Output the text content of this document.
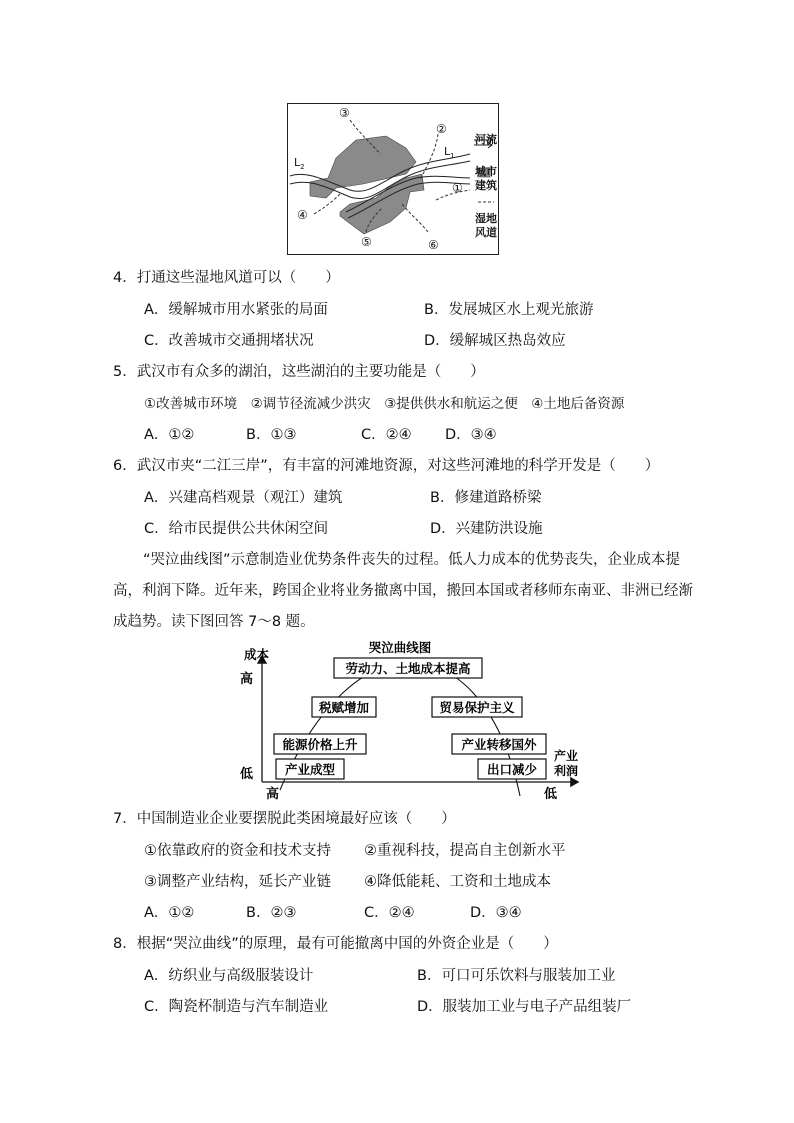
③
②
①
④
⑤	⑥
$L_2$
$L_1$
河流
城市
建筑
湿地
风道
4．打通这些湿地风道可以（　　）
A．缓解城市用水紧张的局面	B．发展城区水上观光旅游
C．改善城市交通拥堵状况	D．缓解城区热岛效应
5．武汉市有众多的湖泊，这些湖泊的主要功能是（　　）
①改善城市环境　②调节径流减少洪灾　③提供供水和航运之便　④土地后备资源
A．①②	B．①③	C．②④ D．③④
6．武汉市夹“二江三岸”，有丰富的河滩地资源，对这些河滩地的科学开发是（　　）
A．兴建高档观景（观江）建筑	B．修建道路桥梁
C．给市民提供公共休闲空间	D．兴建防洪设施
“哭泣曲线图”示意制造业优势条件丧失的过程。低人力成本的优势丧失，企业成本提
高，利润下降。近年来，跨国企业将业务撤离中国，搬回本国或者移师东南亚、非洲已经渐
成趋势。读下图回答 7～8 题。
劳动力、土地成本提高
税赋增加	贸易保护主义
能源价格上升	产业转移国外
产业成型	出口减少
哭泣曲线图
成本
高
低
高	低
产业
利润
7．中国制造业企业要摆脱此类困境最好应该（　　）
①依靠政府的资金和技术支持 ②重视科技，提高自主创新水平
③调整产业结构，延长产业链 ④降低能耗、工资和土地成本
A．①②	B．②③	C．②④	D．③④
8．根据“哭泣曲线”的原理，最有可能撤离中国的外资企业是（　　）
A．纺织业与高级服装设计	B．可口可乐饮料与服装加工业
C．陶瓷杯制造与汽车制造业	D．服装加工业与电子产品组装厂
